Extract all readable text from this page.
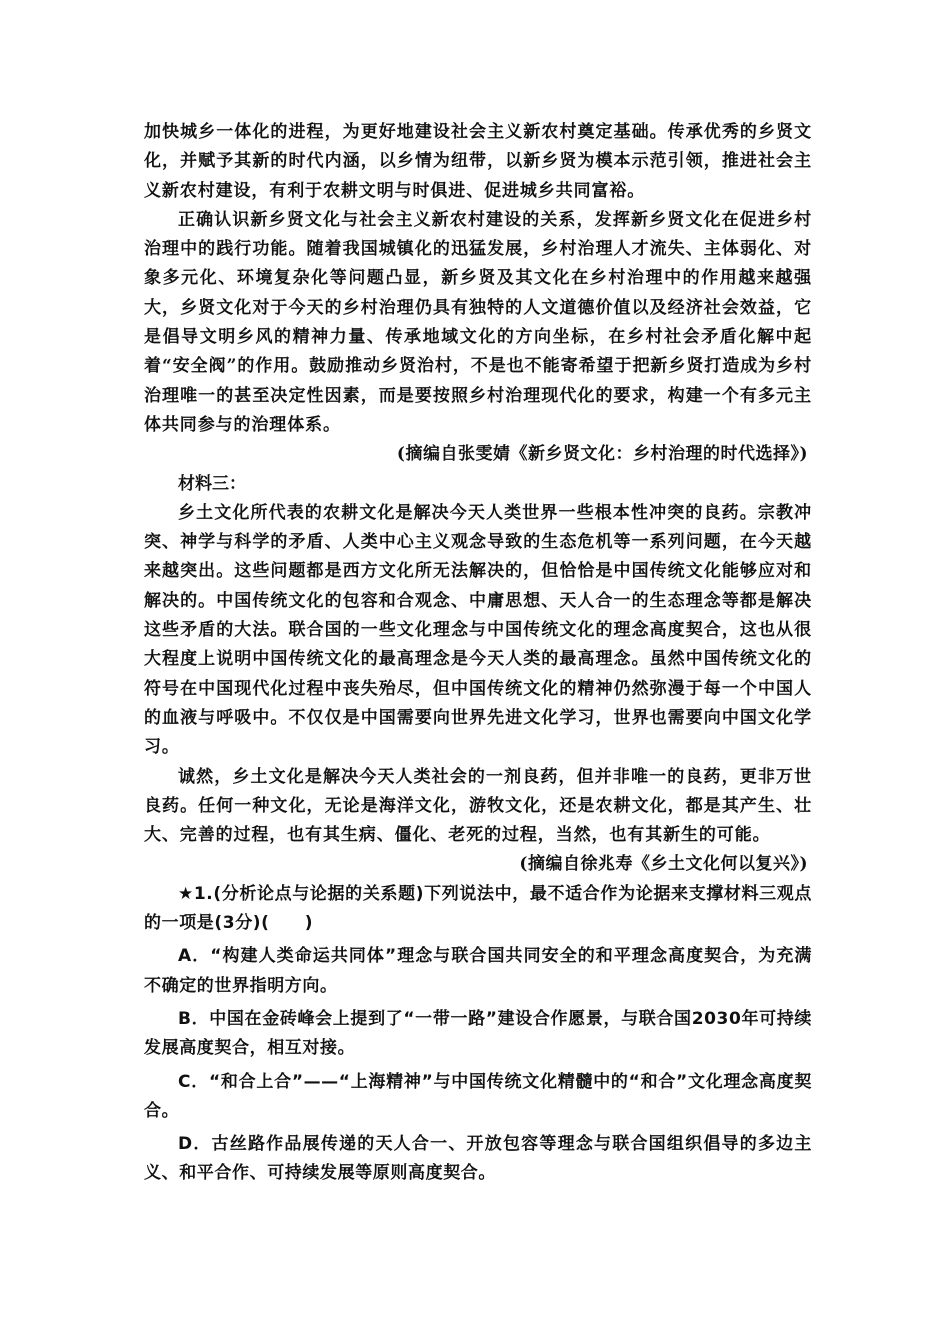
加快城乡一体化的进程，为更好地建设社会主义新农村奠定基础。传承优秀的乡贤文化，并赋予其新的时代内涵，以乡情为纽带，以新乡贤为模本示范引领，推进社会主义新农村建设，有利于农耕文明与时俱进、促进城乡共同富裕。

正确认识新乡贤文化与社会主义新农村建设的关系，发挥新乡贤文化在促进乡村治理中的践行功能。随着我国城镇化的迅猛发展，乡村治理人才流失、主体弱化、对象多元化、环境复杂化等问题凸显，新乡贤及其文化在乡村治理中的作用越来越强大，乡贤文化对于今天的乡村治理仍具有独特的人文道德价值以及经济社会效益，它是倡导文明乡风的精神力量、传承地域文化的方向坐标，在乡村社会矛盾化解中起着“安全阀”的作用。鼓励推动乡贤治村，不是也不能寄希望于把新乡贤打造成为乡村治理唯一的甚至决定性因素，而是要按照乡村治理现代化的要求，构建一个有多元主体共同参与的治理体系。

(摘编自张雯婧《新乡贤文化：乡村治理的时代选择》)

材料三：

乡土文化所代表的农耕文化是解决今天人类世界一些根本性冲突的良药。宗教冲突、神学与科学的矛盾、人类中心主义观念导致的生态危机等一系列问题，在今天越来越突出。这些问题都是西方文化所无法解决的，但恰恰是中国传统文化能够应对和解决的。中国传统文化的包容和合观念、中庸思想、天人合一的生态理念等都是解决这些矛盾的大法。联合国的一些文化理念与中国传统文化的理念高度契合，这也从很大程度上说明中国传统文化的最高理念是今天人类的最高理念。虽然中国传统文化的符号在中国现代化过程中丧失殆尽，但中国传统文化的精神仍然弥漫于每一个中国人的血液与呼吸中。不仅仅是中国需要向世界先进文化学习，世界也需要向中国文化学习。

诚然，乡土文化是解决今天人类社会的一剂良药，但并非唯一的良药，更非万世良药。任何一种文化，无论是海洋文化，游牧文化，还是农耕文化，都是其产生、壮大、完善的过程，也有其生病、僵化、老死的过程，当然，也有其新生的可能。

(摘编自徐兆寿《乡土文化何以复兴》)

★1.(分析论点与论据的关系题)下列说法中，最不适合作为论据来支撑材料三观点的一项是(3分)(　　)

A．“构建人类命运共同体”理念与联合国共同安全的和平理念高度契合，为充满不确定的世界指明方向。

B．中国在金砖峰会上提到了“一带一路”建设合作愿景，与联合国2030年可持续发展高度契合，相互对接。

C．“和合上合”——“上海精神”与中国传统文化精髓中的“和合”文化理念高度契合。

D．古丝路作品展传递的天人合一、开放包容等理念与联合国组织倡导的多边主义、和平合作、可持续发展等原则高度契合。
